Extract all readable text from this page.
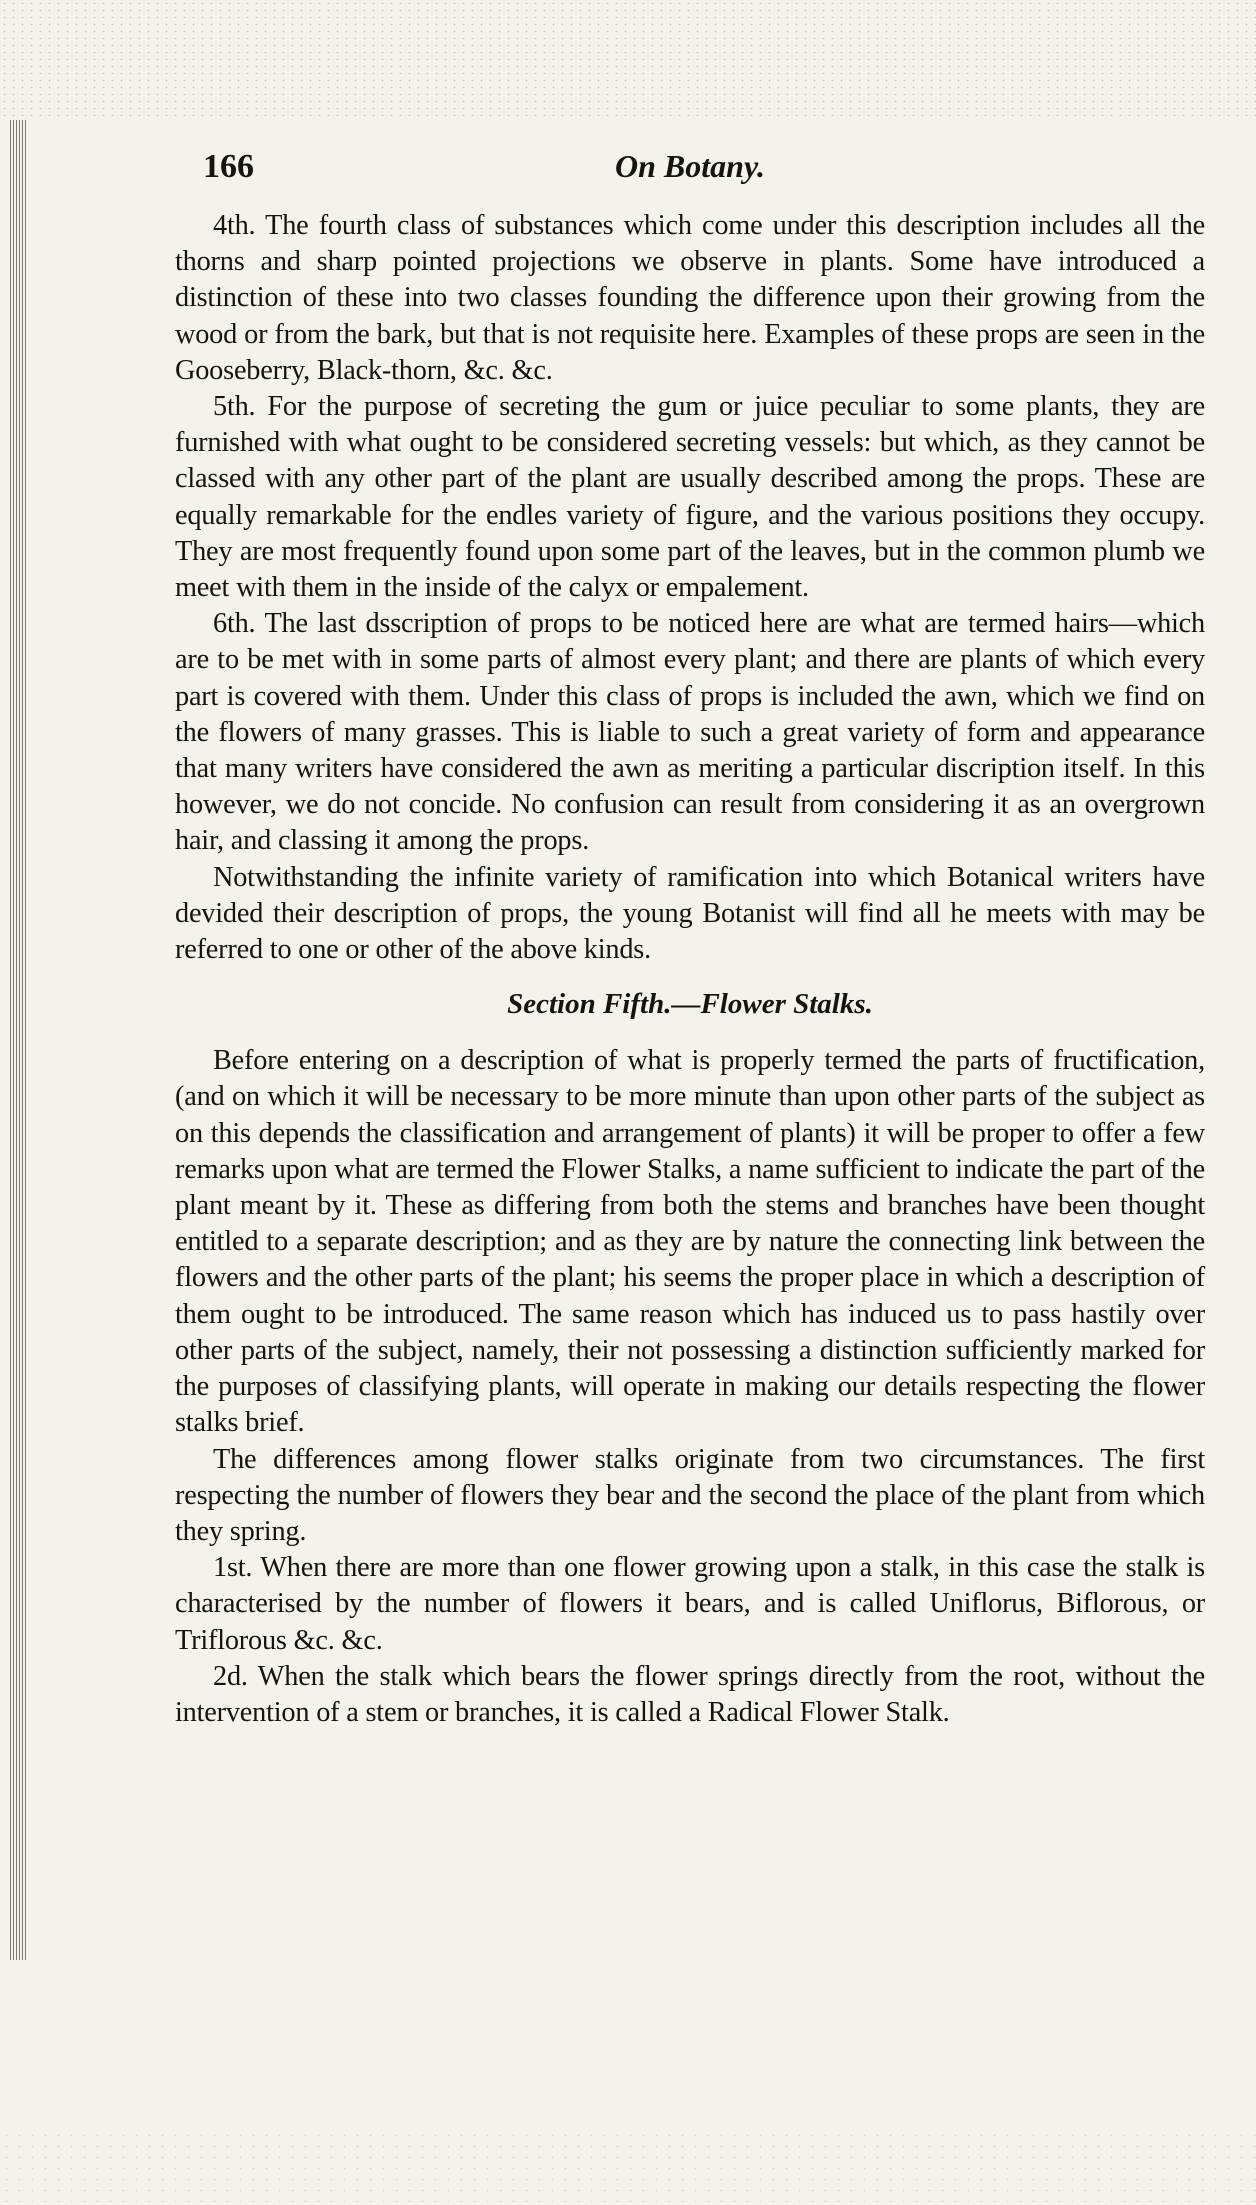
166	On Botany.

4th. The fourth class of substances which come under this description includes all the thorns and sharp pointed projections we observe in plants. Some have introduced a distinction of these into two classes founding the difference upon their growing from the wood or from the bark, but that is not requisite here. Examples of these props are seen in the Gooseberry, Black-thorn, &c. &c.

5th. For the purpose of secreting the gum or juice peculiar to some plants, they are furnished with what ought to be considered secreting vessels: but which, as they cannot be classed with any other part of the plant are usually described among the props. These are equally remarkable for the endles variety of figure, and the various positions they occupy. They are most frequently found upon some part of the leaves, but in the common plumb we meet with them in the inside of the calyx or empalement.

6th. The last dsscription of props to be noticed here are what are termed hairs—which are to be met with in some parts of almost every plant; and there are plants of which every part is covered with them. Under this class of props is included the awn, which we find on the flowers of many grasses. This is liable to such a great variety of form and appearance that many writers have considered the awn as meriting a particular discription itself. In this however, we do not concide. No confusion can result from considering it as an overgrown hair, and classing it among the props.

Notwithstanding the infinite variety of ramification into which Botanical writers have devided their description of props, the young Botanist will find all he meets with may be referred to one or other of the above kinds.

Section Fifth.—Flower Stalks.

Before entering on a description of what is properly termed the parts of fructification, (and on which it will be necessary to be more minute than upon other parts of the subject as on this depends the classification and arrangement of plants) it will be proper to offer a few remarks upon what are termed the Flower Stalks, a name sufficient to indicate the part of the plant meant by it. These as differing from both the stems and branches have been thought entitled to a separate description; and as they are by nature the connecting link between the flowers and the other parts of the plant; his seems the proper place in which a description of them ought to be introduced. The same reason which has induced us to pass hastily over other parts of the subject, namely, their not possessing a distinction sufficiently marked for the purposes of classifying plants, will operate in making our details respecting the flower stalks brief.

The differences among flower stalks originate from two circumstances. The first respecting the number of flowers they bear and the second the place of the plant from which they spring.

1st. When there are more than one flower growing upon a stalk, in this case the stalk is characterised by the number of flowers it bears, and is called Uniflorus, Biflorous, or Triflorous &c. &c.

2d. When the stalk which bears the flower springs directly from the root, without the intervention of a stem or branches, it is called a Radical Flower Stalk.
